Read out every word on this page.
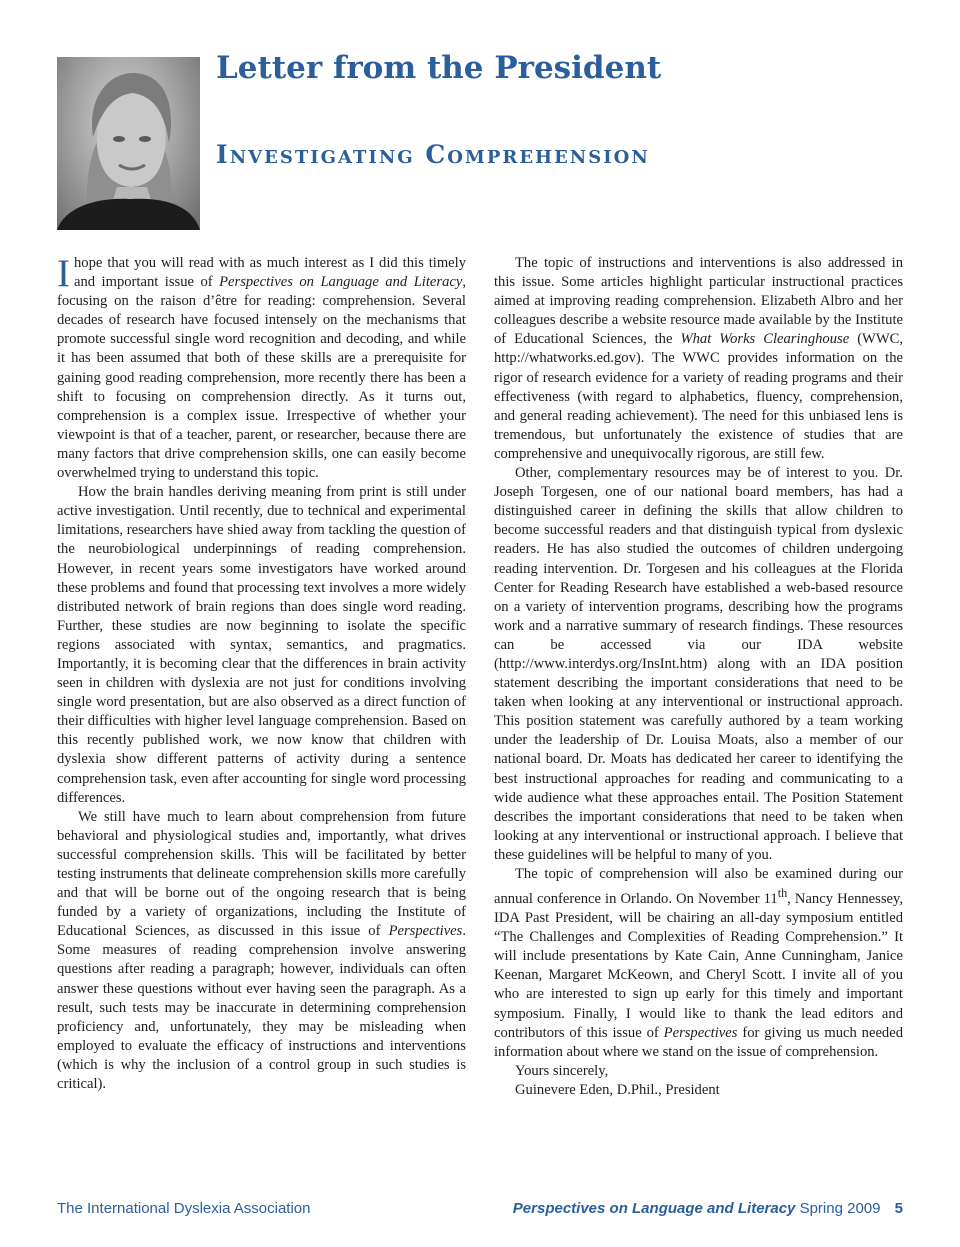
Letter from the President
Investigating Comprehension

Ihope that you will read with as much interest as I did this timely and important issue of Perspectives on Language and Literacy, focusing on the raison d’être for reading: comprehension. Several decades of research have focused intensely on the mechanisms that promote successful single word recognition and decoding, and while it has been assumed that both of these skills are a prerequisite for gaining good reading comprehension, more recently there has been a shift to focusing on comprehension directly. As it turns out, comprehension is a complex issue. Irrespective of whether your viewpoint is that of a teacher, parent, or researcher, because there are many factors that drive comprehension skills, one can easily become overwhelmed trying to understand this topic.

How the brain handles deriving meaning from print is still under active investigation. Until recently, due to technical and experimental limitations, researchers have shied away from tackling the question of the neurobiological underpinnings of reading comprehension. However, in recent years some investigators have worked around these problems and found that processing text involves a more widely distributed network of brain regions than does single word reading. Further, these studies are now beginning to isolate the specific regions associated with syntax, semantics, and pragmatics. Importantly, it is becoming clear that the differences in brain activity seen in children with dyslexia are not just for conditions involving single word presentation, but are also observed as a direct function of their difficulties with higher level language comprehension. Based on this recently published work, we now know that children with dyslexia show different patterns of activity during a sentence comprehension task, even after accounting for single word processing differences.

We still have much to learn about comprehension from future behavioral and physiological studies and, importantly, what drives successful comprehension skills. This will be facilitated by better testing instruments that delineate comprehension skills more carefully and that will be borne out of the ongoing research that is being funded by a variety of organizations, including the Institute of Educational Sciences, as discussed in this issue of Perspectives. Some measures of reading comprehension involve answering questions after reading a paragraph; however, individuals can often answer these questions without ever having seen the paragraph. As a result, such tests may be inaccurate in determining comprehension proficiency and, unfortunately, they may be misleading when employed to evaluate the efficacy of instructions and interventions (which is why the inclusion of a control group in such studies is critical).

The topic of instructions and interventions is also addressed in this issue. Some articles highlight particular instructional practices aimed at improving reading comprehension. Elizabeth Albro and her colleagues describe a website resource made available by the Institute of Educational Sciences, the What Works Clearinghouse (WWC, http://whatworks.ed.gov). The WWC provides information on the rigor of research evidence for a variety of reading programs and their effectiveness (with regard to alphabetics, fluency, comprehension, and general reading achievement). The need for this unbiased lens is tremendous, but unfortunately the existence of studies that are comprehensive and unequivocally rigorous, are still few.

Other, complementary resources may be of interest to you. Dr. Joseph Torgesen, one of our national board members, has had a distinguished career in defining the skills that allow children to become successful readers and that distinguish typical from dyslexic readers. He has also studied the outcomes of children undergoing reading intervention. Dr. Torgesen and his colleagues at the Florida Center for Reading Research have established a web-based resource on a variety of intervention programs, describing how the programs work and a narrative summary of research findings. These resources can be accessed via our IDA website (http://www.interdys.org/InsInt.htm) along with an IDA position statement describing the important considerations that need to be taken when looking at any interventional or instructional approach. This position statement was carefully authored by a team working under the leadership of Dr. Louisa Moats, also a member of our national board. Dr. Moats has dedicated her career to identifying the best instructional approaches for reading and communicating to a wide audience what these approaches entail. The Position Statement describes the important considerations that need to be taken when looking at any interventional or instructional approach. I believe that these guidelines will be helpful to many of you.

The topic of comprehension will also be examined during our annual conference in Orlando. On November 11th, Nancy Hennessey, IDA Past President, will be chairing an all-day symposium entitled “The Challenges and Complexities of Reading Comprehension.” It will include presentations by Kate Cain, Anne Cunningham, Janice Keenan, Margaret McKeown, and Cheryl Scott. I invite all of you who are interested to sign up early for this timely and important symposium. Finally, I would like to thank the lead editors and contributors of this issue of Perspectives for giving us much needed information about where we stand on the issue of comprehension.

Yours sincerely,

Guinevere Eden, D.Phil., President

The International Dyslexia Association	Perspectives on Language and Literacy Spring 2009 5
